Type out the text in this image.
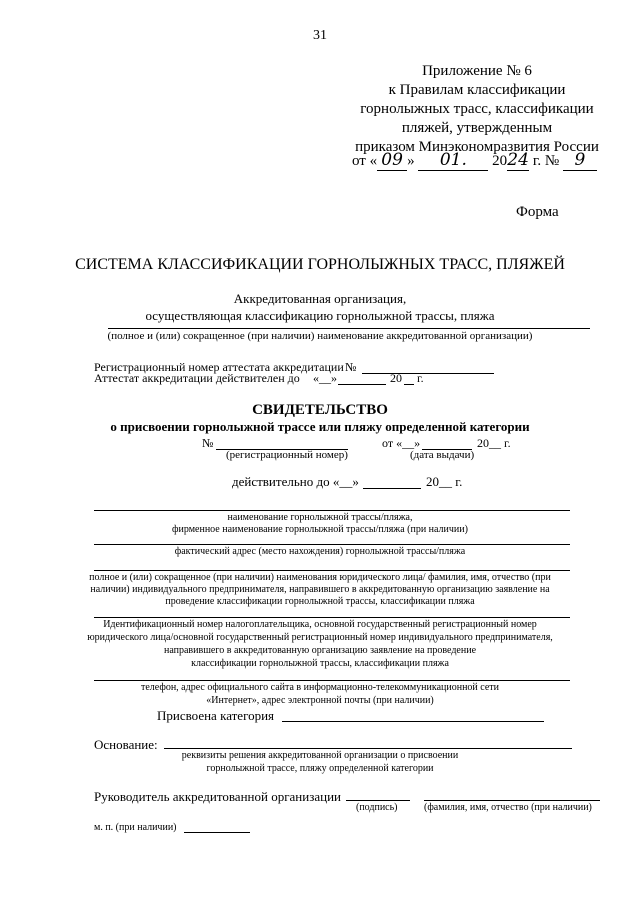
31
Приложение № 6
к Правилам классификации
горнолыжных трасс, классификации
пляжей, утвержденным
приказом Минэкономразвития России
от « 09 » 01. 2024 г. № 9
Форма
СИСТЕМА КЛАССИФИКАЦИИ ГОРНОЛЫЖНЫХ ТРАСС, ПЛЯЖЕЙ
Аккредитованная организация,
осуществляющая классификацию горнолыжной трассы, пляжа
(полное и (или) сокращенное (при наличии) наименование аккредитованной организации)
Регистрационный номер аттестата аккредитации №
Аттестат аккредитации действителен до «__»	20 г.
СВИДЕТЕЛЬСТВО
о присвоении горнолыжной трассе или пляжу определенной категории
№	от «__»	20__ г.
(регистрационный номер)	(дата выдачи)
действительно до «__»	20__ г.
наименование горнолыжной трассы/пляжа,
фирменное наименование горнолыжной трассы/пляжа (при наличии)
фактический адрес (место нахождения) горнолыжной трассы/пляжа
полное и (или) сокращенное (при наличии) наименования юридического лица/ фамилия, имя, отчество (при
наличии) индивидуального предпринимателя, направившего в аккредитованную организацию заявление на
проведение классификации горнолыжной трассы, классификации пляжа
Идентификационный номер налогоплательщика, основной государственный регистрационный номер
юридического лица/основной государственный регистрационный номер индивидуального предпринимателя,
направившего в аккредитованную организацию заявление на проведение
классификации горнолыжной трассы, классификации пляжа
телефон, адрес официального сайта в информационно-телекоммуникационной сети
«Интернет», адрес электронной почты (при наличии)
Присвоена категория
Основание:
реквизиты решения аккредитованной организации о присвоении
горнолыжной трассе, пляжу определенной категории
Руководитель аккредитованной организации
(подпись)	(фамилия, имя, отчество (при наличии)
м. п. (при наличии)
